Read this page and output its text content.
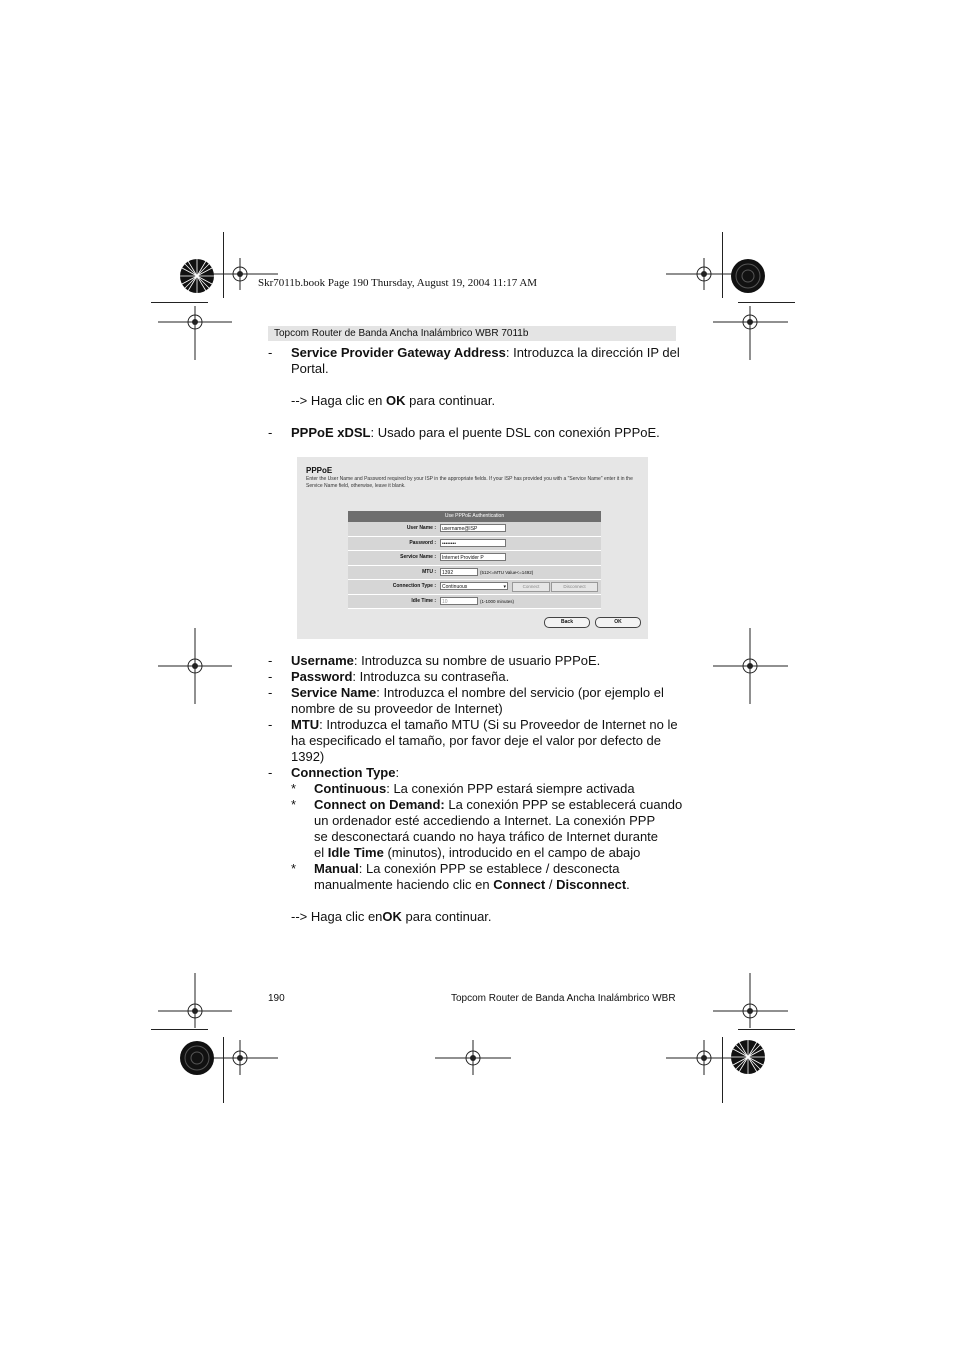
Skr7011b.book Page 190 Thursday, August 19, 2004 11:17 AM
Topcom Router de Banda Ancha Inalámbrico WBR 7011b
- Service Provider Gateway Address: Introduzca la dirección IP del
Portal.
--> Haga clic en OK para continuar.
- PPPoE xDSL: Usado para el puente DSL con conexión PPPoE.
PPPoE
Enter the User Name and Password required by your ISP in the appropriate fields. If your ISP has provided you with a "Service Name" enter it in the Service Name field, otherwise, leave it blank.
Use PPPoE Authentication
User Name :	username@ISP
Password :	••••••••
Service Name :	Internet Provider P
MTU :	1392	(512<=MTU Value<=1492)
Connection Type :	Continuous	▾	Connect	Disconnect
Idle Time :	10	(1-1000 minutes)
Back	OK
- Username: Introduzca su nombre de usuario PPPoE.
- Password: Introduzca su contraseña.
- Service Name: Introduzca el nombre del servicio (por ejemplo el
nombre de su proveedor de Internet)
- MTU: Introduzca el tamaño MTU (Si su Proveedor de Internet no le
ha especificado el tamaño, por favor deje el valor por defecto de
1392)
- Connection Type:
* Continuous: La conexión PPP estará siempre activada
* Connect on Demand: La conexión PPP se establecerá cuando
un ordenador esté accediendo a Internet. La conexión PPP
se desconectará cuando no haya tráfico de Internet durante
el Idle Time (minutos), introducido en el campo de abajo
* Manual: La conexión PPP se establece / desconecta
manualmente haciendo clic en Connect / Disconnect.
--> Haga clic enOK para continuar.
190	Topcom Router de Banda Ancha Inalámbrico WBR
